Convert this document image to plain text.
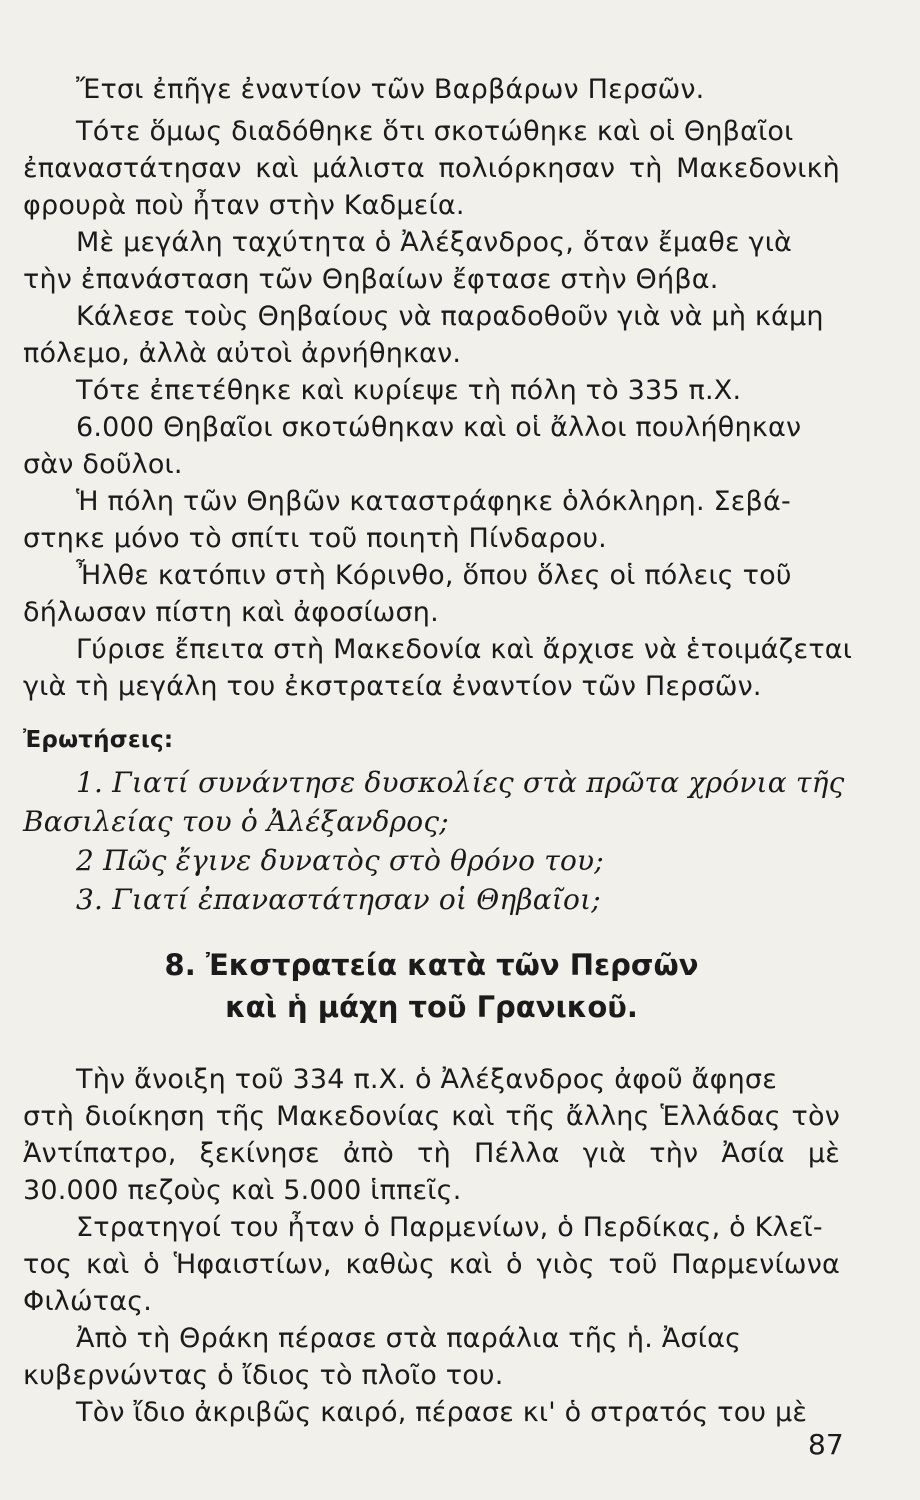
Ἔτσι ἐπῆγε ἐναντίον τῶν Βαρβάρων Περσῶν.

Τότε ὅμως διαδόθηκε ὅτι σκοτώθηκε καὶ οἱ Θηβαῖοι

ἐπαναστάτησαν καὶ μάλιστα πολιόρκησαν τὴ Μακεδονικὴ

φρουρὰ ποὺ ἦταν στὴν Καδμεία.

Μὲ μεγάλη ταχύτητα ὁ Ἀλέξανδρος, ὅταν ἔμαθε γιὰ

τὴν ἐπανάσταση τῶν Θηβαίων ἔφτασε στὴν Θήβα.

Κάλεσε τοὺς Θηβαίους νὰ παραδοθοῦν γιὰ νὰ μὴ κάμη

πόλεμο, ἀλλὰ αὐτοὶ ἀρνήθηκαν.

Τότε ἐπετέθηκε καὶ κυρίεψε τὴ πόλη τὸ 335 π.Χ.

6.000 Θηβαῖοι σκοτώθηκαν καὶ οἱ ἄλλοι πουλήθηκαν

σὰν δοῦλοι.

Ἡ πόλη τῶν Θηβῶν καταστράφηκε ὁλόκληρη. Σεβά-

στηκε μόνο τὸ σπίτι τοῦ ποιητὴ Πίνδαρου.

Ἦλθε κατόπιν στὴ Κόρινθο, ὅπου ὅλες οἱ πόλεις τοῦ

δήλωσαν πίστη καὶ ἀφοσίωση.

Γύρισε ἔπειτα στὴ Μακεδονία καὶ ἄρχισε νὰ ἑτοιμάζεται

γιὰ τὴ μεγάλη του ἐκστρατεία ἐναντίον τῶν Περσῶν.

Ἐρωτήσεις:

1. Γιατί συνάντησε δυσκολίες στὰ πρῶτα χρόνια τῆς

Βασιλείας του ὁ Ἀλέξανδρος;

2 Πῶς ἔγινε δυνατὸς στὸ θρόνο του;

3. Γιατί ἐπαναστάτησαν οἱ Θηβαῖοι;

8. Ἐκστρατεία κατὰ τῶν Περσῶν

καὶ ἡ μάχη τοῦ Γρανικοῦ.

Τὴν ἄνοιξη τοῦ 334 π.Χ. ὁ Ἀλέξανδρος ἀφοῦ ἄφησε

στὴ διοίκηση τῆς Μακεδονίας καὶ τῆς ἄλλης Ἑλλάδας τὸν

Ἀντίπατρο, ξεκίνησε ἀπὸ τὴ Πέλλα γιὰ τὴν Ἀσία μὲ

30.000 πεζοὺς καὶ 5.000 ἱππεῖς.

Στρατηγοί του ἦταν ὁ Παρμενίων, ὁ Περδίκας, ὁ Κλεῖ-

τος καὶ ὁ Ἡφαιστίων, καθὼς καὶ ὁ γιὸς τοῦ Παρμενίωνα

Φιλώτας.

Ἀπὸ τὴ Θράκη πέρασε στὰ παράλια τῆς ἡ. Ἀσίας

κυβερνώντας ὁ ἴδιος τὸ πλοῖο του.

Τὸν ἴδιο ἀκριβῶς καιρό, πέρασε κι' ὁ στρατός του μὲ

87
